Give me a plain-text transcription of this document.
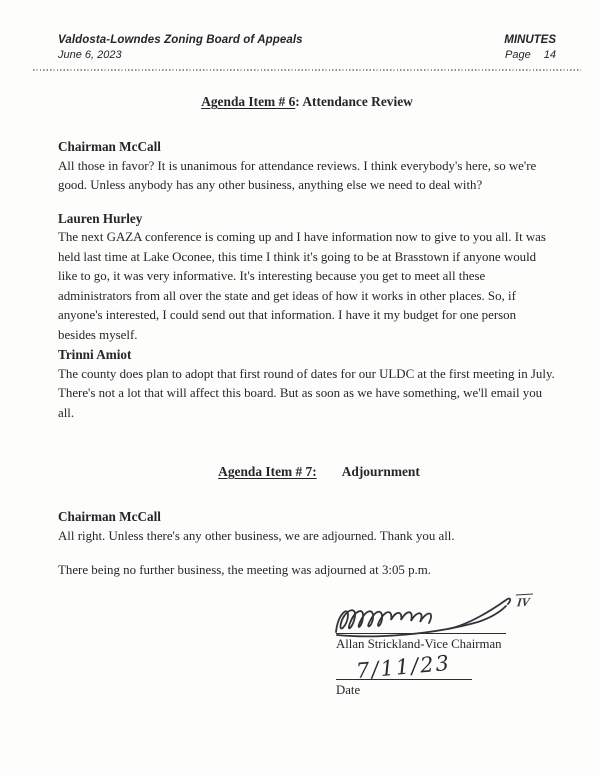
Valdosta-Lowndes Zoning Board of Appeals
June 6, 2023
MINUTES
Page 14
Agenda Item # 6: Attendance Review
Chairman McCall

All those in favor? It is unanimous for attendance reviews. I think everybody's here, so we're good. Unless anybody has any other business, anything else we need to deal with?

Lauren Hurley

The next GAZA conference is coming up and I have information now to give to you all. It was held last time at Lake Oconee, this time I think it's going to be at Brasstown if anyone would like to go, it was very informative. It's interesting because you get to meet all these administrators from all over the state and get ideas of how it works in other places. So, if anyone's interested, I could send out that information. I have it my budget for one person besides myself.

Trinni Amiot

The county does plan to adopt that first round of dates for our ULDC at the first meeting in July. There's not a lot that will affect this board. But as soon as we have something, we'll email you all.

Agenda Item # 7: Adjournment
Chairman McCall

All right. Unless there's any other business, we are adjourned. Thank you all.

There being no further business, the meeting was adjourned at 3:05 p.m.

IV
Allan Strickland-Vice Chairman
7/11/23
Date
